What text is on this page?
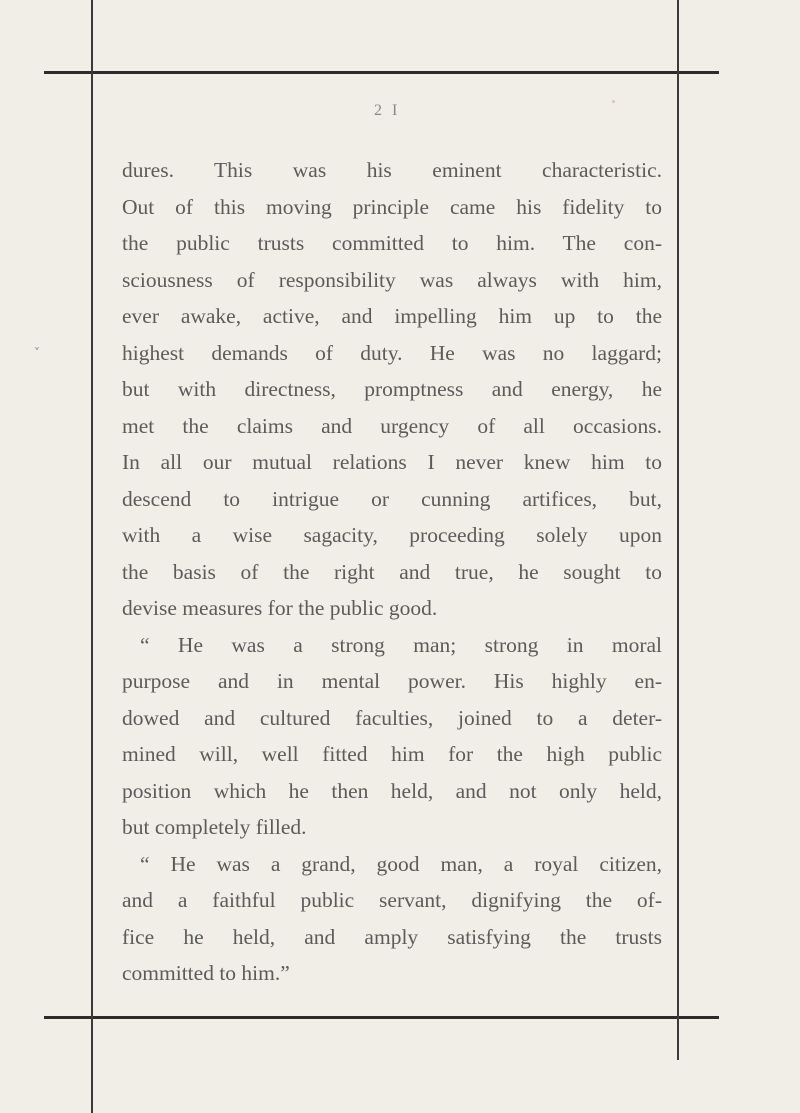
˅
2 I
dures. This was his eminent characteristic.
Out of this moving principle came his fidelity to
the public trusts committed to him. The con-
sciousness of responsibility was always with him,
ever awake, active, and impelling him up to the
highest demands of duty. He was no laggard;
but with directness, promptness and energy, he
met the claims and urgency of all occasions.
In all our mutual relations I never knew him to
descend to intrigue or cunning artifices, but,
with a wise sagacity, proceeding solely upon
the basis of the right and true, he sought to
devise measures for the public good.
“ He was a strong man; strong in moral
purpose and in mental power. His highly en-
dowed and cultured faculties, joined to a deter-
mined will, well fitted him for the high public
position which he then held, and not only held,
but completely filled.
“ He was a grand, good man, a royal citizen,
and a faithful public servant, dignifying the of-
fice he held, and amply satisfying the trusts
committed to him.”
